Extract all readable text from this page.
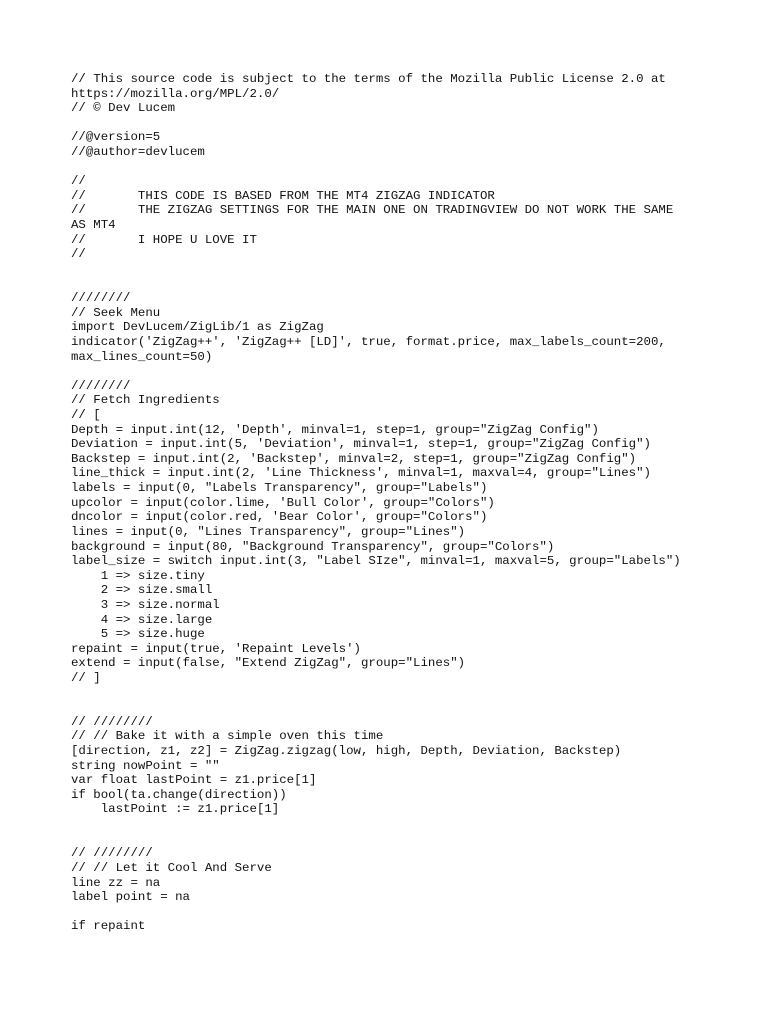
// This source code is subject to the terms of the Mozilla Public License 2.0 at
https://mozilla.org/MPL/2.0/
// © Dev Lucem
//@version=5
//@author=devlucem
//
//       THIS CODE IS BASED FROM THE MT4 ZIGZAG INDICATOR
//       THE ZIGZAG SETTINGS FOR THE MAIN ONE ON TRADINGVIEW DO NOT WORK THE SAME
AS MT4
//       I HOPE U LOVE IT
//
////////
// Seek Menu
import DevLucem/ZigLib/1 as ZigZag
indicator('ZigZag++', 'ZigZag++ [LD]', true, format.price, max_labels_count=200,
max_lines_count=50)
////////
// Fetch Ingredients
// [
Depth = input.int(12, 'Depth', minval=1, step=1, group="ZigZag Config")
Deviation = input.int(5, 'Deviation', minval=1, step=1, group="ZigZag Config")
Backstep = input.int(2, 'Backstep', minval=2, step=1, group="ZigZag Config")
line_thick = input.int(2, 'Line Thickness', minval=1, maxval=4, group="Lines")
labels = input(0, "Labels Transparency", group="Labels")
upcolor = input(color.lime, 'Bull Color', group="Colors")
dncolor = input(color.red, 'Bear Color', group="Colors")
lines = input(0, "Lines Transparency", group="Lines")
background = input(80, "Background Transparency", group="Colors")
label_size = switch input.int(3, "Label SIze", minval=1, maxval=5, group="Labels")
1 => size.tiny
2 => size.small
3 => size.normal
4 => size.large
5 => size.huge
repaint = input(true, 'Repaint Levels')
extend = input(false, "Extend ZigZag", group="Lines")
// ]
// ////////
// // Bake it with a simple oven this time
[direction, z1, z2] = ZigZag.zigzag(low, high, Depth, Deviation, Backstep)
string nowPoint = ""
var float lastPoint = z1.price[1]
if bool(ta.change(direction))
lastPoint := z1.price[1]
// ////////
// // Let it Cool And Serve
line zz = na
label point = na
if repaint
